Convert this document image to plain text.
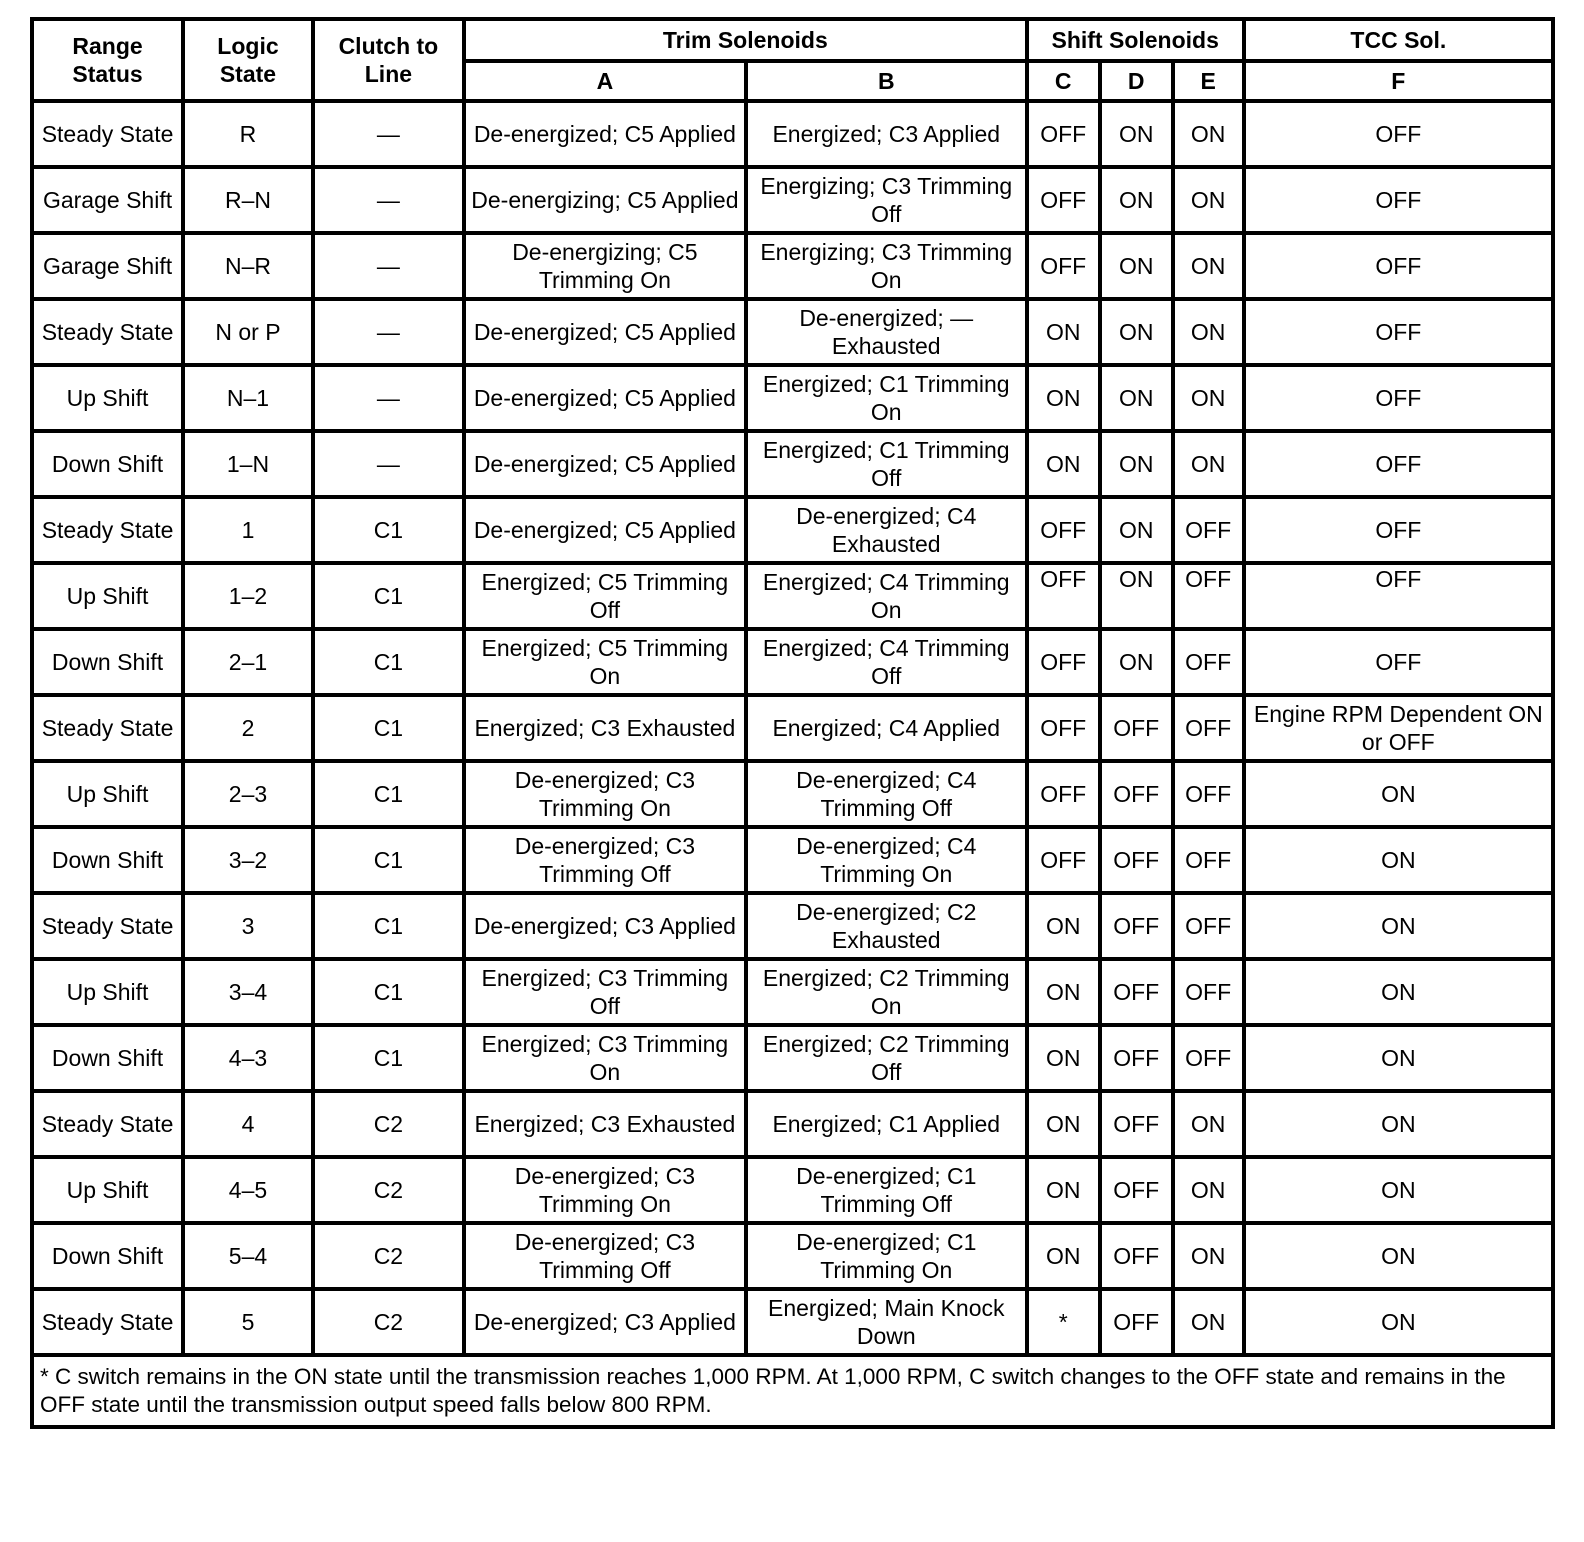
Range Status	Logic State	Clutch to Line	Trim Solenoids		Shift Solenoids			TCC Sol.
			A	B	C	D	E	F
Steady State	R	—	De-energized; C5 Applied	Energized; C3 Applied	OFF	ON	ON	OFF
Garage Shift	R–N	—	De-energizing; C5 Applied	Energizing; C3 Trimming Off	OFF	ON	ON	OFF
Garage Shift	N–R	—	De-energizing; C5 Trimming On	Energizing; C3 Trimming On	OFF	ON	ON	OFF
Steady State	N or P	—	De-energized; C5 Applied	De-energized; — Exhausted	ON	ON	ON	OFF
Up Shift	N–1	—	De-energized; C5 Applied	Energized; C1 Trimming On	ON	ON	ON	OFF
Down Shift	1–N	—	De-energized; C5 Applied	Energized; C1 Trimming Off	ON	ON	ON	OFF
Steady State	1	C1	De-energized; C5 Applied	De-energized; C4 Exhausted	OFF	ON	OFF	OFF
Up Shift	1–2	C1	Energized; C5 Trimming Off	Energized; C4 Trimming On	OFF	ON	OFF	OFF
Down Shift	2–1	C1	Energized; C5 Trimming On	Energized; C4 Trimming Off	OFF	ON	OFF	OFF
Steady State	2	C1	Energized; C3 Exhausted	Energized; C4 Applied	OFF	OFF	OFF	Engine RPM Dependent ON or OFF
Up Shift	2–3	C1	De-energized; C3 Trimming On	De-energized; C4 Trimming Off	OFF	OFF	OFF	ON
Down Shift	3–2	C1	De-energized; C3 Trimming Off	De-energized; C4 Trimming On	OFF	OFF	OFF	ON
Steady State	3	C1	De-energized; C3 Applied	De-energized; C2 Exhausted	ON	OFF	OFF	ON
Up Shift	3–4	C1	Energized; C3 Trimming Off	Energized; C2 Trimming On	ON	OFF	OFF	ON
Down Shift	4–3	C1	Energized; C3 Trimming On	Energized; C2 Trimming Off	ON	OFF	OFF	ON
Steady State	4	C2	Energized; C3 Exhausted	Energized; C1 Applied	ON	OFF	ON	ON
Up Shift	4–5	C2	De-energized; C3 Trimming On	De-energized; C1 Trimming Off	ON	OFF	ON	ON
Down Shift	5–4	C2	De-energized; C3 Trimming Off	De-energized; C1 Trimming On	ON	OFF	ON	ON
Steady State	5	C2	De-energized; C3 Applied	Energized; Main Knock Down	*	OFF	ON	ON
* C switch remains in the ON state until the transmission reaches 1,000 RPM. At 1,000 RPM, C switch changes to the OFF state and remains in the OFF state until the transmission output speed falls below 800 RPM.								
